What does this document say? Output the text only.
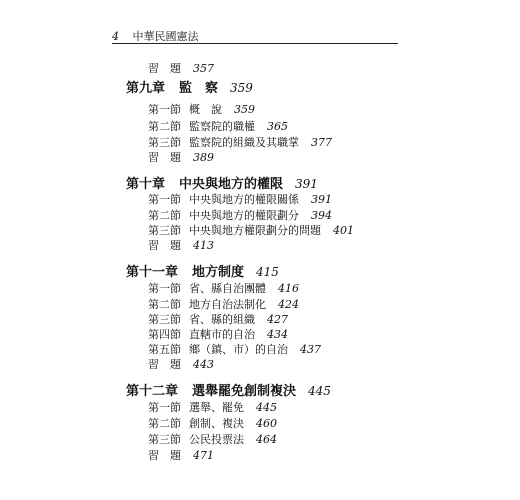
4 中華民國憲法
習　題 357
第九章 監　察 359
第一節 概　說 359
第二節 監察院的職權 365
第三節 監察院的組織及其職掌 377
習　題 389
第十章 中央與地方的權限 391
第一節 中央與地方的權限關係 391
第二節 中央與地方的權限劃分 394
第三節 中央與地方權限劃分的問題 401
習　題 413
第十一章 地方制度 415
第一節 省、縣自治團體 416
第二節 地方自治法制化 424
第三節 省、縣的組織 427
第四節 直轄市的自治 434
第五節 鄉（鎮、市）的自治 437
習　題 443
第十二章 選舉罷免創制複決 445
第一節 選舉、罷免 445
第二節 創制、複決 460
第三節 公民投票法 464
習　題 471
